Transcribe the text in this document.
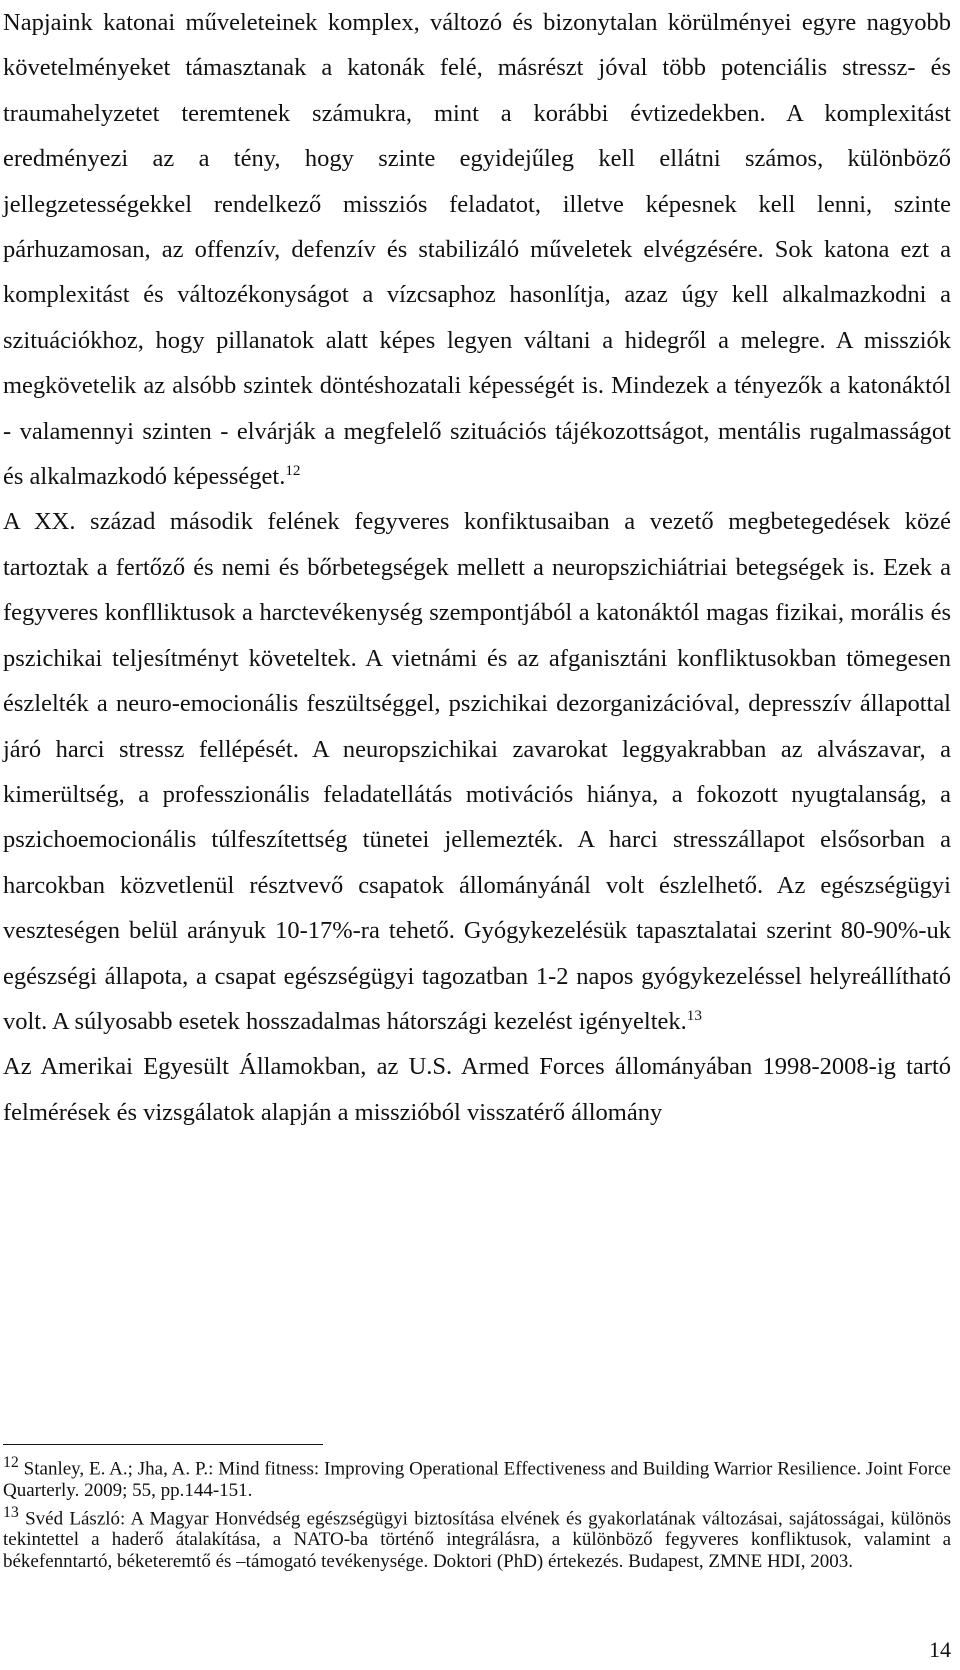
Napjaink katonai műveleteinek komplex, változó és bizonytalan körülményei egyre nagyobb követelményeket támasztanak a katonák felé, másrészt jóval több potenciális stressz- és traumahelyzetet teremtenek számukra, mint a korábbi évtizedekben. A komplexitást eredményezi az a tény, hogy szinte egyidejűleg kell ellátni számos, különböző jellegzetességekkel rendelkező missziós feladatot, illetve képesnek kell lenni, szinte párhuzamosan, az offenzív, defenzív és stabilizáló műveletek elvégzésére. Sok katona ezt a komplexitást és változékonyságot a vízcsaphoz hasonlítja, azaz úgy kell alkalmazkodni a szituációkhoz, hogy pillanatok alatt képes legyen váltani a hidegről a melegre. A missziók megkövetelik az alsóbb szintek döntéshozatali képességét is. Mindezek a tényezők a katonáktól - valamennyi szinten - elvárják a megfelelő szituációs tájékozottságot, mentális rugalmasságot és alkalmazkodó képességet.$^{12}$

A XX. század második felének fegyveres konfiktusaiban a vezető megbetegedések közé tartoztak a fertőző és nemi és bőrbetegségek mellett a neuropszichiátriai betegségek is. Ezek a fegyveres konflliktusok a harctevékenység szempontjából a katonáktól magas fizikai, morális és pszichikai teljesítményt követeltek. A vietnámi és az afganisztáni konfliktusokban tömegesen észlelték a neuro-emocionális feszültséggel, pszichikai dezorganizációval, depresszív állapottal járó harci stressz fellépését. A neuropszichikai zavarokat leggyakrabban az alvászavar, a kimerültség, a professzionális feladatellátás motivációs hiánya, a fokozott nyugtalanság, a pszichoemocionális túlfeszítettség tünetei jellemezték. A harci stresszállapot elsősorban a harcokban közvetlenül résztvevő csapatok állományánál volt észlelhető. Az egészségügyi veszteségen belül arányuk 10-17%-ra tehető. Gyógykezelésük tapasztalatai szerint 80-90%-uk egészségi állapota, a csapat egészségügyi tagozatban 1-2 napos gyógykezeléssel helyreállítható volt. A súlyosabb esetek hosszadalmas hátországi kezelést igényeltek.$^{13}$

Az Amerikai Egyesült Államokban, az U.S. Armed Forces állományában 1998-2008-ig tartó felmérések és vizsgálatok alapján a misszióból visszatérő állomány

$^{12}$ Stanley, E. A.; Jha, A. P.: Mind fitness: Improving Operational Effectiveness and Building Warrior Resilience. Joint Force Quarterly. 2009; 55, pp.144-151.

$^{13}$ Svéd László: A Magyar Honvédség egészségügyi biztosítása elvének és gyakorlatának változásai, sajátosságai, különös tekintettel a haderő átalakítása, a NATO-ba történő integrálásra, a különböző fegyveres konfliktusok, valamint a békefenntartó, béketeremtő és –támogató tevékenysége. Doktori (PhD) értekezés. Budapest, ZMNE HDI, 2003.

14
